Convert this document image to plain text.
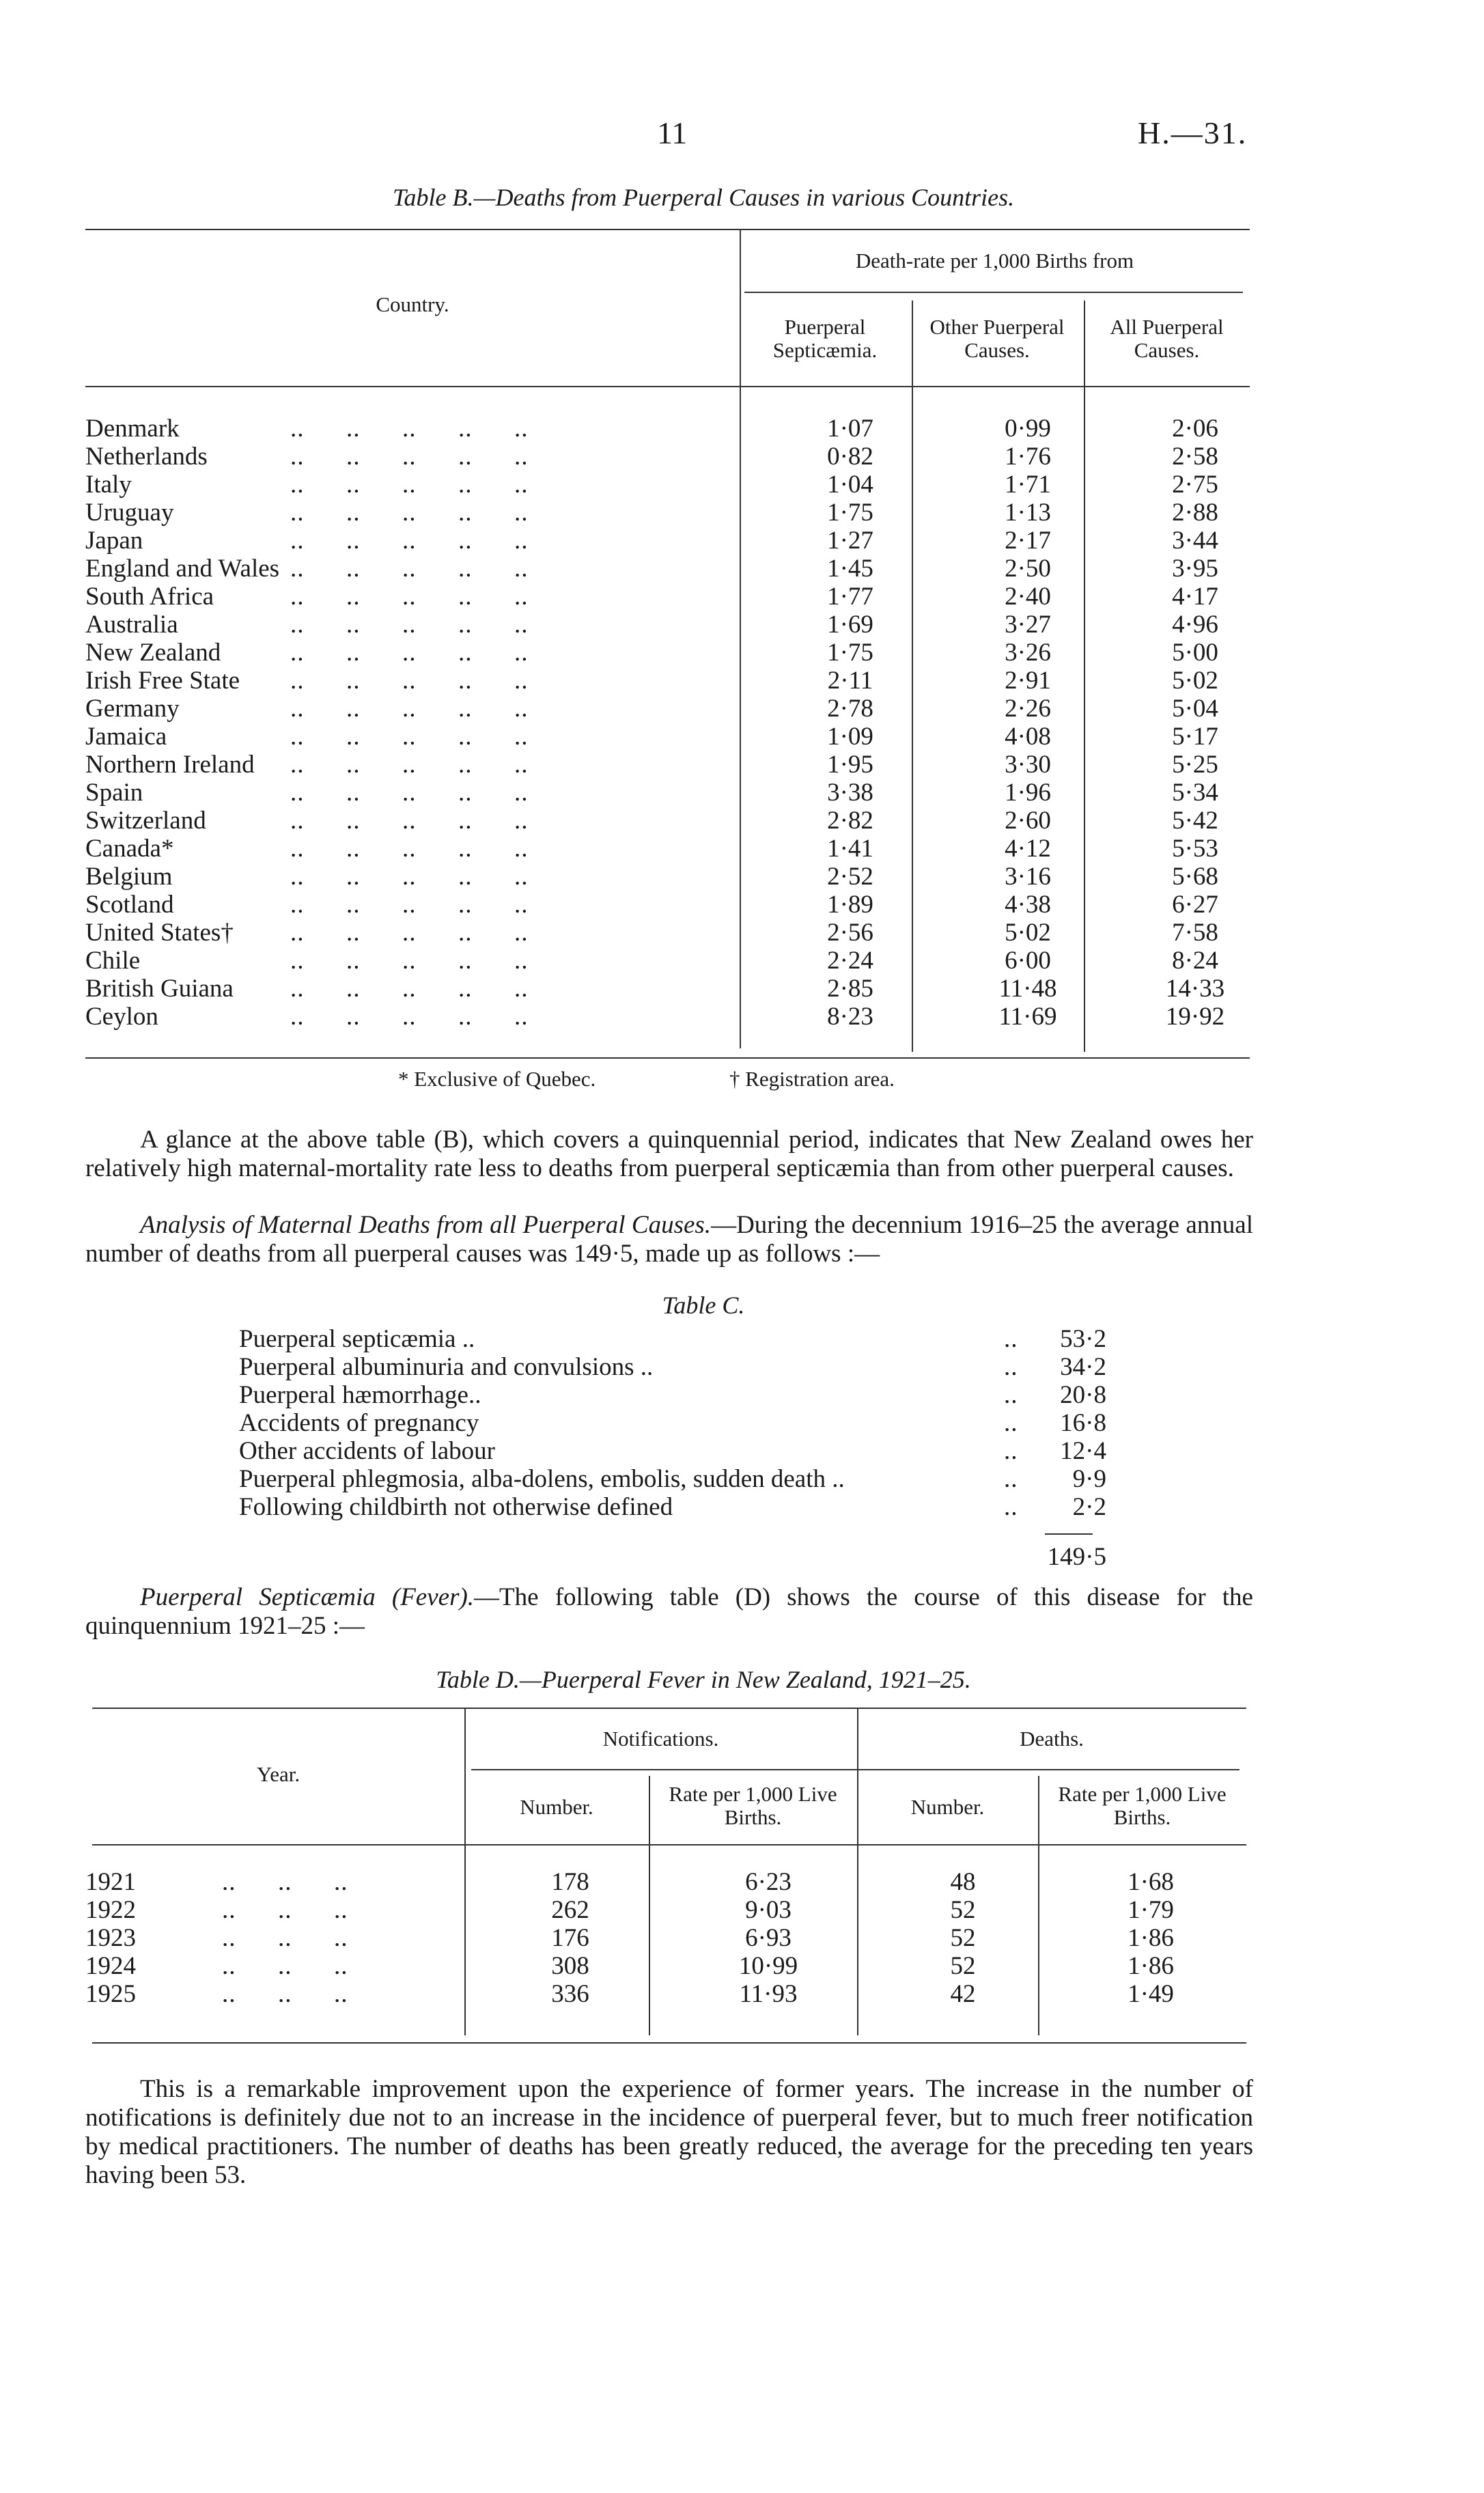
11	H.—31.
Table B.—Deaths from Puerperal Causes in various Countries.
Country.
Death-rate per 1,000 Births from
Puerperal Septicæmia.
Other Puerperal Causes.
All Puerperal Causes.
Denmark	..      ..      ..      ..      ..	1·07	0·99	2·06
Netherlands	..      ..      ..      ..      ..	0·82	1·76	2·58
Italy	..      ..      ..      ..      ..	1·04	1·71	2·75
Uruguay	..      ..      ..      ..      ..	1·75	1·13	2·88
Japan	..      ..      ..      ..      ..	1·27	2·17	3·44
England and Wales ..      ..      ..      ..      ..	1·45	2·50	3·95
South Africa	..      ..      ..      ..      ..	1·77	2·40	4·17
Australia	..      ..      ..      ..      ..	1·69	3·27	4·96
New Zealand	..      ..      ..      ..      ..	1·75	3·26	5·00
Irish Free State ..      ..      ..      ..      ..	2·11	2·91	5·02
Germany	..      ..      ..      ..      ..	2·78	2·26	5·04
Jamaica	..      ..      ..      ..      ..	1·09	4·08	5·17
Northern Ireland ..      ..      ..      ..      ..	1·95	3·30	5·25
Spain	..      ..      ..      ..      ..	3·38	1·96	5·34
Switzerland	..      ..      ..      ..      ..	2·82	2·60	5·42
Canada*	..      ..      ..      ..      ..	1·41	4·12	5·53
Belgium	..      ..      ..      ..      ..	2·52	3·16	5·68
Scotland	..      ..      ..      ..      ..	1·89	4·38	6·27
United States† ..      ..      ..      ..      ..	2·56	5·02	7·58
Chile	..      ..      ..      ..      ..	2·24	6·00	8·24
British Guiana ..      ..      ..      ..      ..	2·85	11·48	14·33
Ceylon	..      ..      ..      ..      ..	8·23	11·69	19·92
* Exclusive of Quebec.	† Registration area.
A glance at the above table (B), which covers a quinquennial period, indicates that New Zealand owes her relatively high maternal-mortality rate less to deaths from puerperal septicæmia than from other puerperal causes.
Analysis of Maternal Deaths from all Puerperal Causes.—During the decennium 1916–25 the average annual number of deaths from all puerperal causes was 149·5, made up as follows :—
Table C.
Puerperal septicæmia ..	..	53·2
Puerperal albuminuria and convulsions ..	..	34·2
Puerperal hæmorrhage..	..	20·8
Accidents of pregnancy	..	16·8
Other accidents of labour	..	12·4
Puerperal phlegmosia, alba-dolens, embolis, sudden death ..	..	9·9
Following childbirth not otherwise defined	..	2·2
149·5
Puerperal Septicæmia (Fever).—The following table (D) shows the course of this disease for the quinquennium 1921–25 :—
Table D.—Puerperal Fever in New Zealand, 1921–25.
Year.
Notifications.	Deaths.
Number.
Rate per 1,000 Live Births.	Number.
Rate per 1,000 Live Births.
1921	..      ..      ..	178	6·23	48	1·68
1922	..      ..      ..	262	9·03	52	1·79
1923	..      ..      ..	176	6·93	52	1·86
1924	..      ..      ..	308	10·99	52	1·86
1925	..      ..      ..	336	11·93	42	1·49
This is a remarkable improvement upon the experience of former years. The increase in the number of notifications is definitely due not to an increase in the incidence of puerperal fever, but to much freer notification by medical practitioners. The number of deaths has been greatly reduced, the average for the preceding ten years having been 53.
